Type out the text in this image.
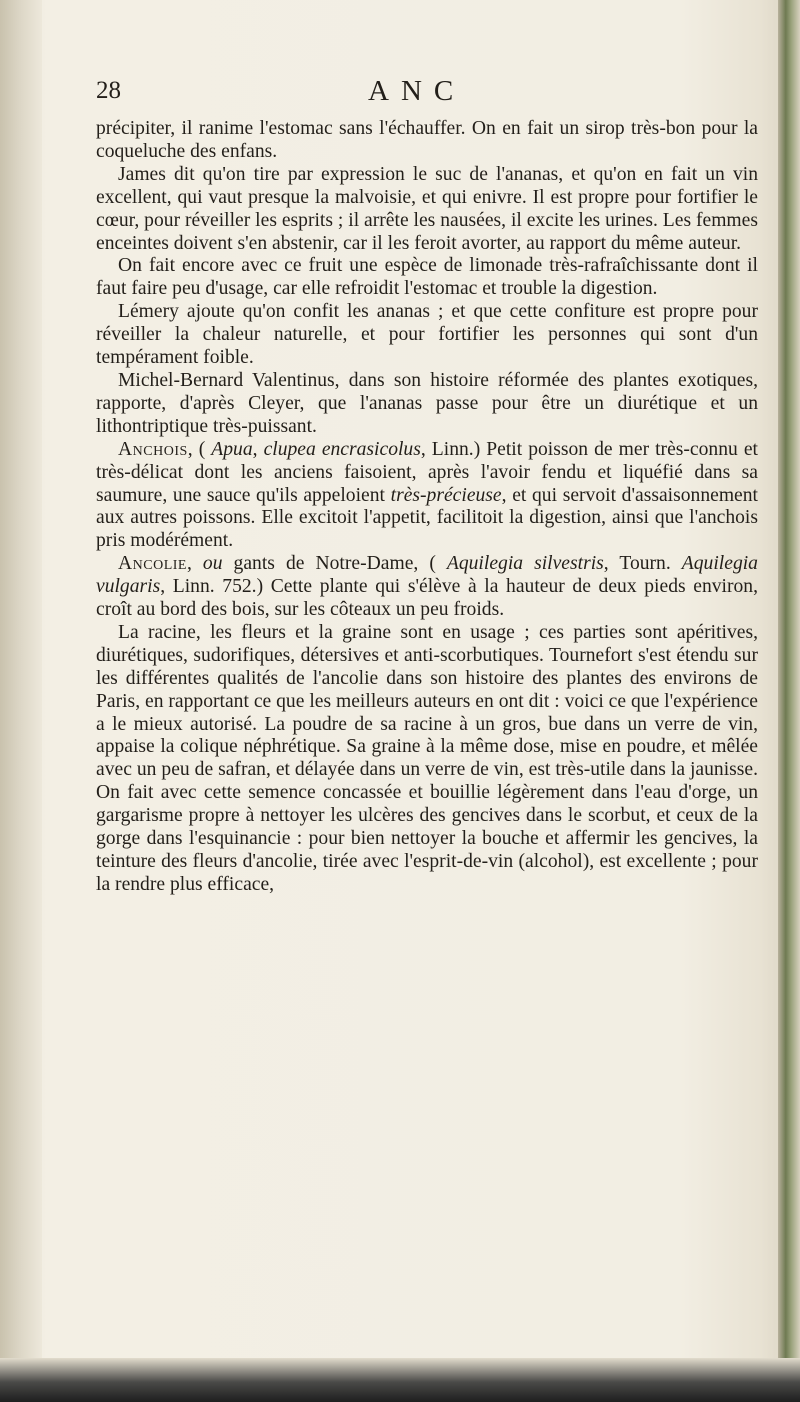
28	ANC

précipiter, il ranime l'estomac sans l'échauffer. On en fait un sirop très-bon pour la coqueluche des enfans.

James dit qu'on tire par expression le suc de l'ananas, et qu'on en fait un vin excellent, qui vaut presque la malvoisie, et qui enivre. Il est propre pour fortifier le cœur, pour réveiller les esprits ; il arrête les nausées, il excite les urines. Les femmes enceintes doivent s'en abstenir, car il les feroit avorter, au rapport du même auteur.

On fait encore avec ce fruit une espèce de limonade très-rafraîchissante dont il faut faire peu d'usage, car elle refroidit l'estomac et trouble la digestion.

Lémery ajoute qu'on confit les ananas ; et que cette confiture est propre pour réveiller la chaleur naturelle, et pour fortifier les personnes qui sont d'un tempérament foible.

Michel-Bernard Valentinus, dans son histoire réformée des plantes exotiques, rapporte, d'après Cleyer, que l'ananas passe pour être un diurétique et un lithontriptique très-puissant.

Anchois, ( Apua, clupea encrasicolus, Linn.) Petit poisson de mer très-connu et très-délicat dont les anciens faisoient, après l'avoir fendu et liquéfié dans sa saumure, une sauce qu'ils appeloient très-précieuse, et qui servoit d'assaisonnement aux autres poissons. Elle excitoit l'appetit, facilitoit la digestion, ainsi que l'anchois pris modérément.

Ancolie, ou gants de Notre-Dame, ( Aquilegia silvestris, Tourn. Aquilegia vulgaris, Linn. 752.) Cette plante qui s'élève à la hauteur de deux pieds environ, croît au bord des bois, sur les côteaux un peu froids.

La racine, les fleurs et la graine sont en usage ; ces parties sont apéritives, diurétiques, sudorifiques, détersives et anti-scorbutiques. Tournefort s'est étendu sur les différentes qualités de l'ancolie dans son histoire des plantes des environs de Paris, en rapportant ce que les meilleurs auteurs en ont dit : voici ce que l'expérience a le mieux autorisé. La poudre de sa racine à un gros, bue dans un verre de vin, appaise la colique néphrétique. Sa graine à la même dose, mise en poudre, et mêlée avec un peu de safran, et délayée dans un verre de vin, est très-utile dans la jaunisse. On fait avec cette semence concassée et bouillie légèrement dans l'eau d'orge, un gargarisme propre à nettoyer les ulcères des gencives dans le scorbut, et ceux de la gorge dans l'esquinancie : pour bien nettoyer la bouche et affermir les gencives, la teinture des fleurs d'ancolie, tirée avec l'esprit-de-vin (alcohol), est excellente ; pour la rendre plus efficace,
